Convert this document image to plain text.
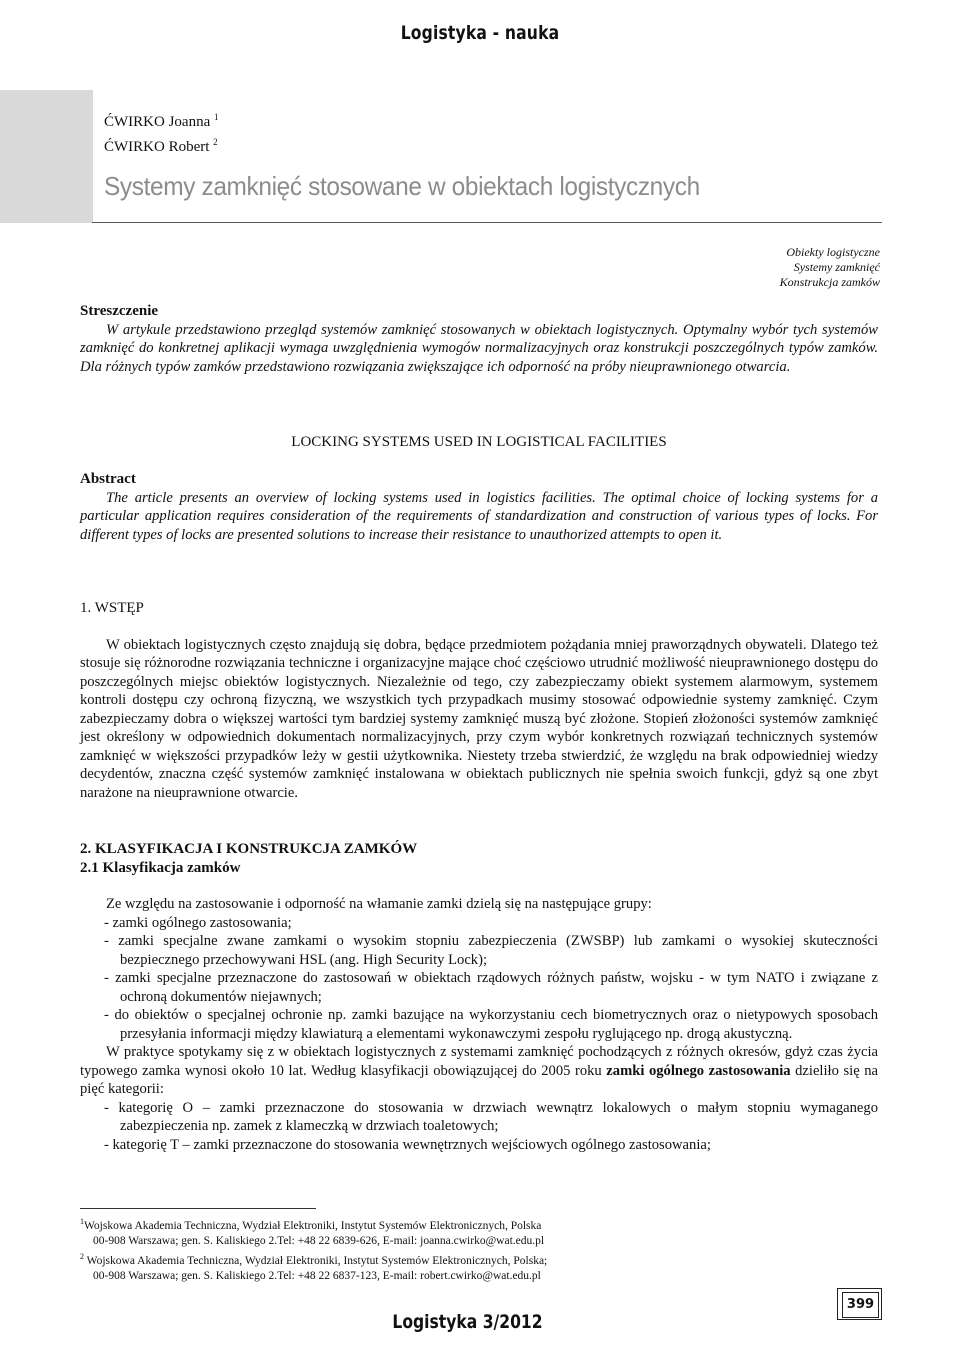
Logistyka - nauka
ĆWIRKO Joanna $^1$
ĆWIRKO Robert $^2$
Systemy zamknięć stosowane w obiektach logistycznych
Obiekty logistyczne
Systemy zamknięć
Konstrukcja zamków

Streszczenie

W artykule przedstawiono przegląd systemów zamknięć stosowanych w obiektach logistycznych. Optymalny wybór tych systemów zamknięć do konkretnej aplikacji wymaga uwzględnienia wymogów normalizacyjnych oraz konstrukcji poszczególnych typów zamków. Dla różnych typów zamków przedstawiono rozwiązania zwiększające ich odporność na próby nieuprawnionego otwarcia.

LOCKING SYSTEMS USED IN LOGISTICAL FACILITIES

Abstract

The article presents an overview of locking systems used in logistics facilities. The optimal choice of locking systems for a particular application requires consideration of the requirements of standardization and construction of various types of locks. For different types of locks are presented solutions to increase their resistance to unauthorized attempts to open it.

1. WSTĘP

W obiektach logistycznych często znajdują się dobra, będące przedmiotem pożądania mniej praworządnych obywateli. Dlatego też stosuje się różnorodne rozwiązania techniczne i organizacyjne mające choć częściowo utrudnić możliwość nieuprawnionego dostępu do poszczególnych miejsc obiektów logistycznych. Niezależnie od tego, czy zabezpieczamy obiekt systemem alarmowym, systemem kontroli dostępu czy ochroną fizyczną, we wszystkich tych przypadkach musimy stosować odpowiednie systemy zamknięć. Czym zabezpieczamy dobra o większej wartości tym bardziej systemy zamknięć muszą być złożone. Stopień złożoności systemów zamknięć jest określony w odpowiednich dokumentach normalizacyjnych, przy czym wybór konkretnych rozwiązań technicznych systemów zamknięć w większości przypadków leży w gestii użytkownika. Niestety trzeba stwierdzić, że względu na brak odpowiedniej wiedzy decydentów, znaczna część systemów zamknięć instalowana w obiektach publicznych nie spełnia swoich funkcji, gdyż są one zbyt narażone na nieuprawnione otwarcie.

2. KLASYFIKACJA I KONSTRUKCJA ZAMKÓW

2.1 Klasyfikacja zamków

Ze względu na zastosowanie i odporność na włamanie zamki dzielą się na następujące grupy:

- zamki ogólnego zastosowania;
- zamki specjalne zwane zamkami o wysokim stopniu zabezpieczenia (ZWSBP) lub zamkami o wysokiej skuteczności bezpiecznego przechowywani HSL (ang. High Security Lock);
- zamki specjalne przeznaczone do zastosowań w obiektach rządowych różnych państw, wojsku - w tym NATO i związane z ochroną dokumentów niejawnych;
- do obiektów o specjalnej ochronie np. zamki bazujące na wykorzystaniu cech biometrycznych oraz o nietypowych sposobach przesyłania informacji między klawiaturą a elementami wykonawczymi zespołu ryglującego np. drogą akustyczną.

W praktyce spotykamy się z w obiektach logistycznych z systemami zamknięć pochodzących z różnych okresów, gdyż czas życia typowego zamka wynosi około 10 lat. Według klasyfikacji obowiązującej do 2005 roku zamki ogólnego zastosowania dzieliło się na pięć kategorii:

- kategorię O – zamki przeznaczone do stosowania w drzwiach wewnątrz lokalowych o małym stopniu wymaganego zabezpieczenia np. zamek z klameczką w drzwiach toaletowych;
- kategorię T – zamki przeznaczone do stosowania wewnętrznych wejściowych ogólnego zastosowania;
$^1$Wojskowa Akademia Techniczna, Wydział Elektroniki, Instytut Systemów Elektronicznych, Polska
00-908 Warszawa; gen. S. Kaliskiego 2.Tel: +48 22 6839-626, E-mail: joanna.cwirko@wat.edu.pl
$^2$ Wojskowa Akademia Techniczna, Wydział Elektroniki, Instytut Systemów Elektronicznych, Polska;
00-908 Warszawa; gen. S. Kaliskiego 2.Tel: +48 22 6837-123, E-mail: robert.cwirko@wat.edu.pl
399
Logistyka 3/2012
